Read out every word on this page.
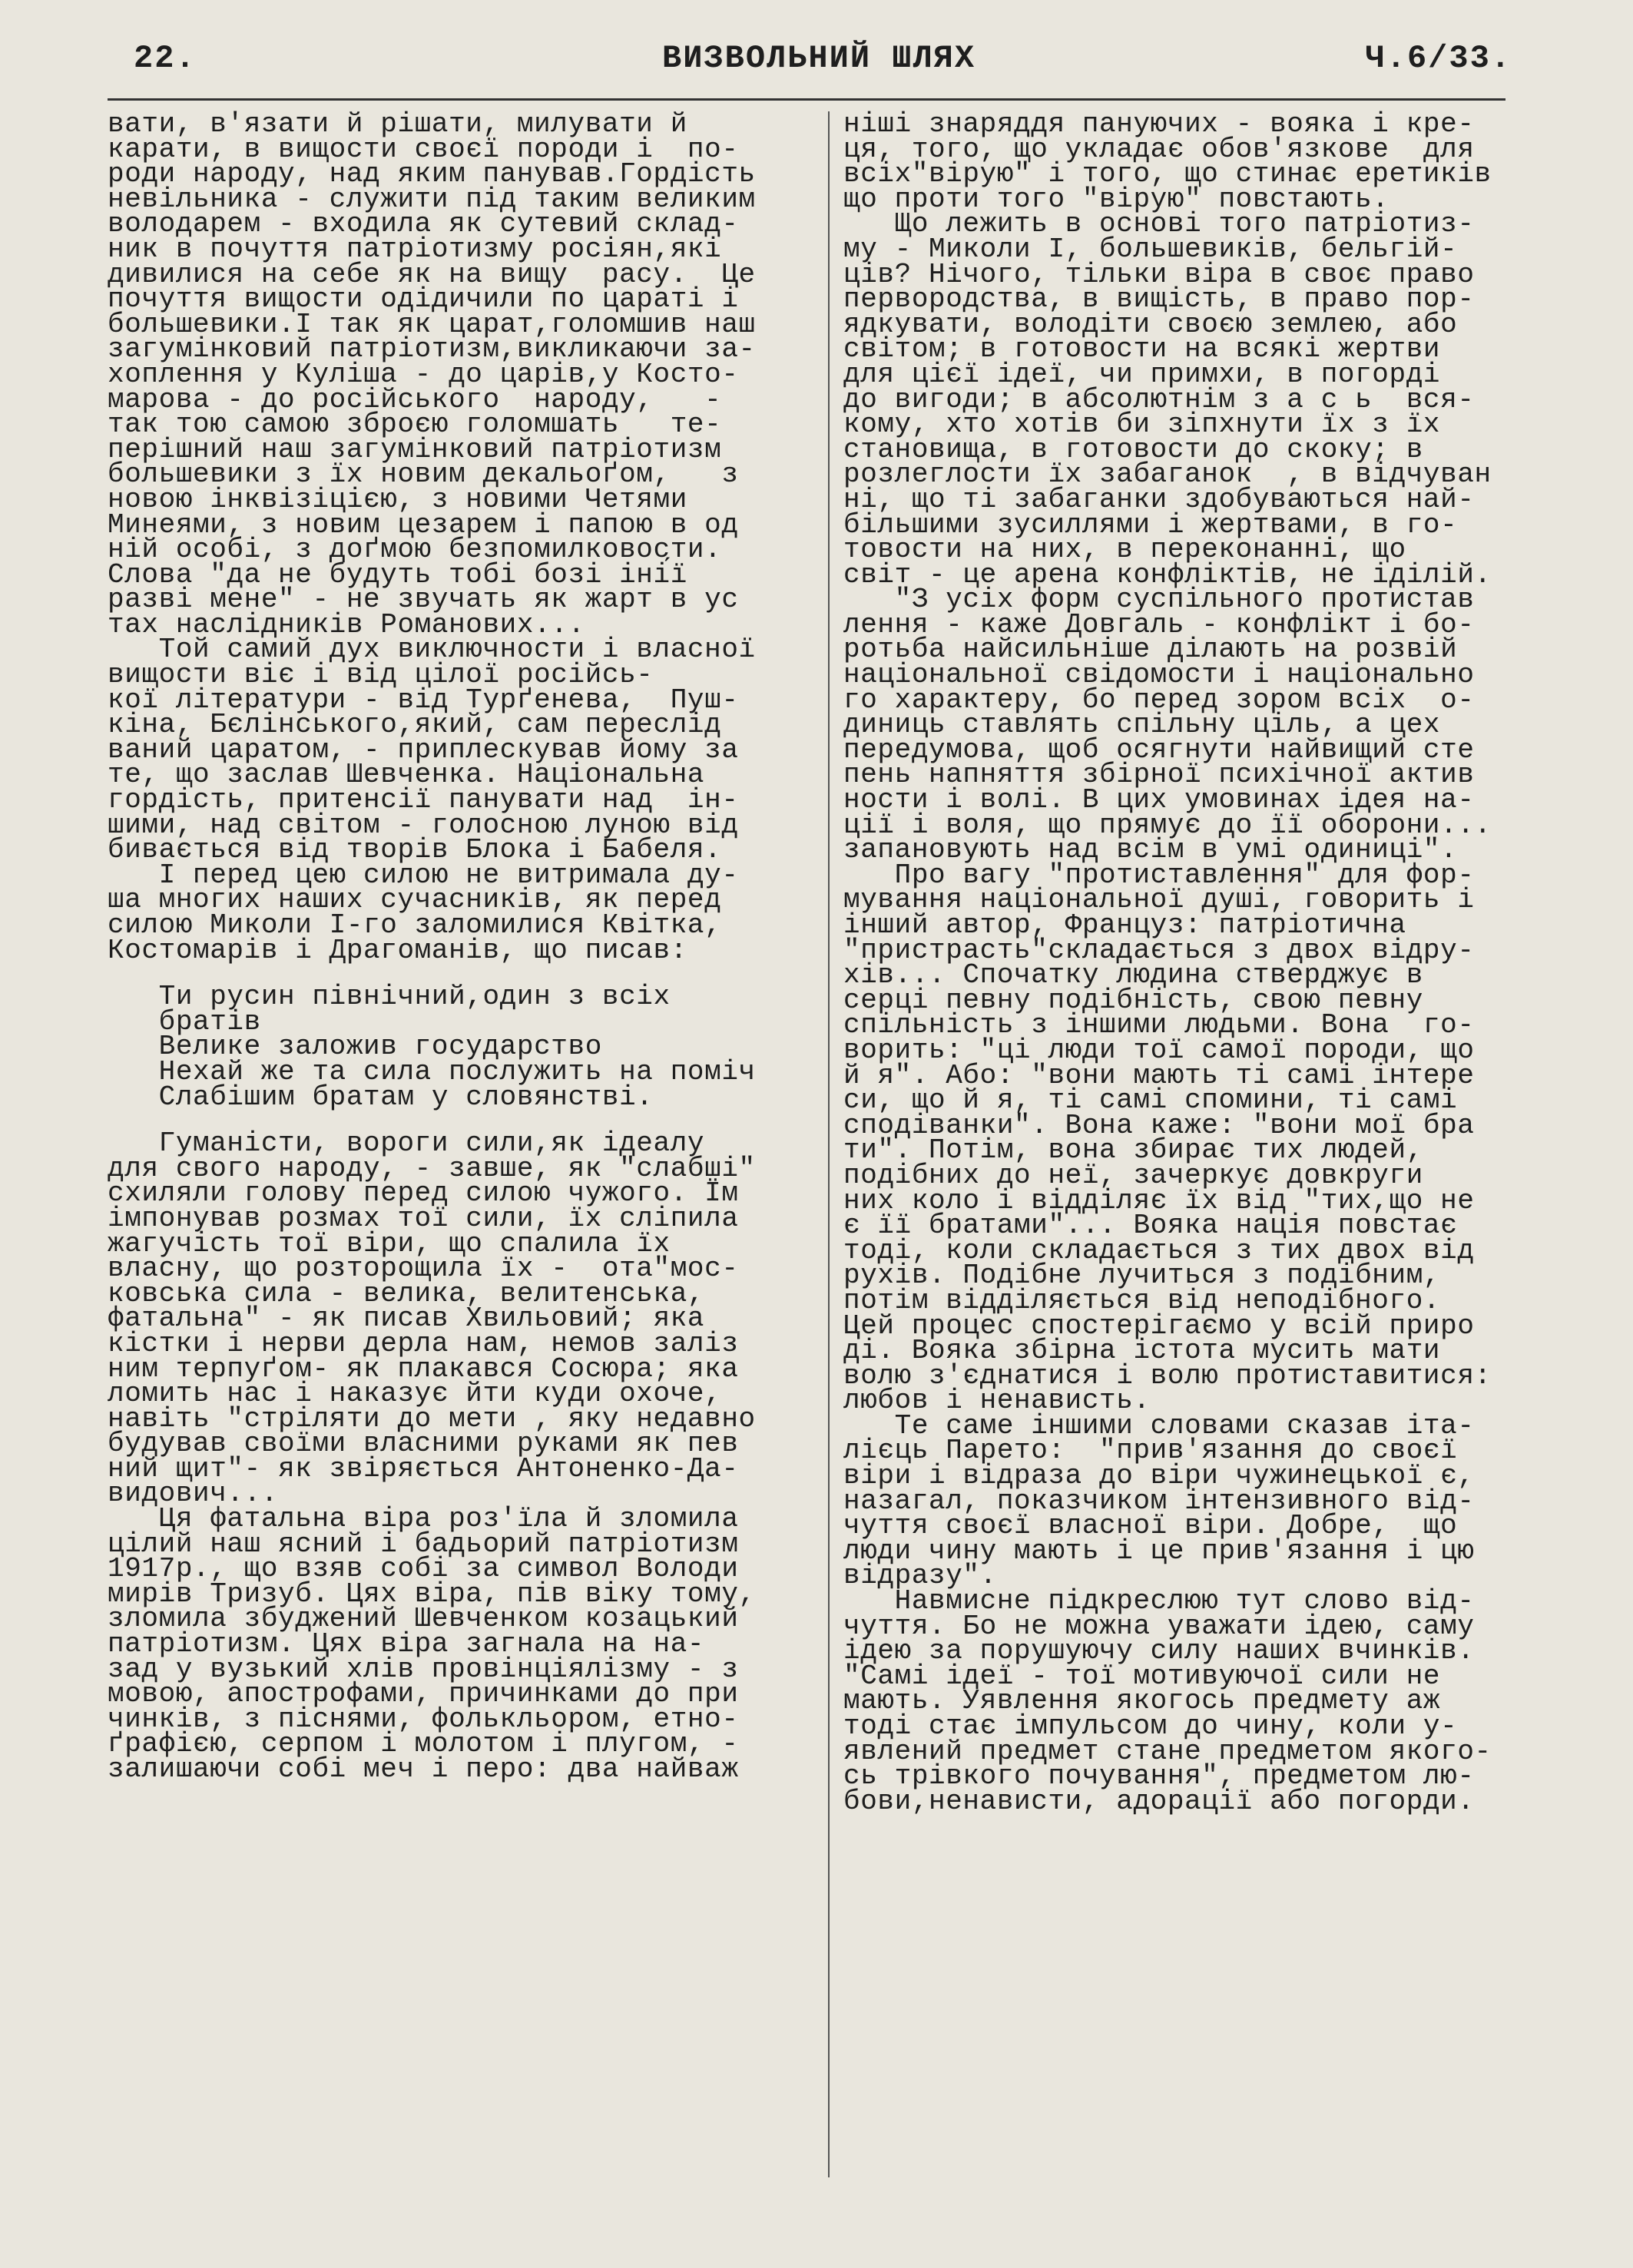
22.	ВИЗВОЛЬНИЙ ШЛЯХ	Ч.6/33.
вати, в'язати й рішати, милувати й
карати, в вищости своєї породи і  по-
роди народу, над яким панував.Гордість
невільника - служити під таким великим
володарем - входила як сутевий склад-
ник в почуття патріотизму росіян,які
дивилися на себе як на вищу  расу.  Це
почуття вищости одідичили по цараті і
большевики.І так як царат,голомшив наш
загумінковий патріотизм,викликаючи за-
хоплення у Куліша - до царів,у Косто-
марова - до російського  народу,   -
так тою самою зброєю голомшать   те-
перішний наш загумінковий патріотизм
большевики з їх новим декальоґом,   з
новою інквізіцією, з новими Четями
Минеями, з новим цезарем і папою в од
ній особі, з доґмою безпомилковости.
Слова "да не будуть тобі бозі іні́ї
разві мене" - не звучать як жарт в ус
тах наслідників Романових...
Той самий дух виключности і власної
вищости віє і від цілої російсь-
кої літератури - від Турґенева,  Пуш-
кіна, Бєлінського,який, сам переслід
ваний царатом, - приплескував йому за
те, що заслав Шевченка. Національна
гордість, притенсії панувати над  ін-
шими, над світом - голосною луною від
бивається від творів Блока і Бабеля.
І перед цею силою не витримала ду-
ша многих наших сучасників, як перед
силою Миколи І-го заломилися Квітка,
Костомарів і Драгоманів, що писав:
Ти русин північний,один з всіх
братів
Велике заложив государство
Нехай же та сила послужить на поміч
Слабішим братам у словянстві.
Гуманісти, вороги сили,як ідеалу
для свого народу, - завше, як "слабші"
схиляли голову перед силою чужого. Їм
імпонував розмах тої сили, їх сліпила
жагучість тої віри, що спалила їх
власну, що розторощила їх -  ота"мос-
ковська сила - велика, велитенська,
фатальна" - як писав Хвильовий; яка
кістки і нерви дерла нам, немов заліз
ним терпуґом- як плакався Сосюра; яка
ломить нас і наказує йти куди охоче,
навіть "стріляти до мети , яку недавно
будував своїми власними руками як пев
ний щит"- як звіряється Антоненко-Да-
видович...
Ця фатальна віра роз'їла й зломила
цілий наш ясний і бадьорий патріотизм
1917р., що взяв собі за символ Володи
мирів Тризуб. Цях віра, пів віку тому,
зломила збуджений Шевченком козацький
патріотизм. Цях віра загнала на на-
зад у вузький хлів провінціялізму - з
мовою, апострофами, причинками до при
чинків, з піснями, фолькльором, етно-
ґрафією, серпом і молотом і плугом, -
залишаючи собі меч і перо: два найваж
ніші знаряддя пануючих - вояка і кре-
ця, того, що укладає обов'язкове  для
всіх"вірую" і того, що стинає еретиків
що проти того "вірую" повстають.
Що лежить в основі того патріотиз-
му - Миколи І, большевиків, бельгій-
ців? Нічого, тільки віра в своє право
первородства, в вищість, в право пор-
ядкувати, володіти своєю землею, або
світом; в готовости на всякі жертви
для цієї ідеї, чи примхи, в погорді
до вигоди; в абсолютнім з а с ь  вся-
кому, хто хотів би зіпхнути їх з їх
становища, в готовости до скоку; в
розлеглости їх забаганок  , в відчуван
ні, що ті забаганки здобуваються най-
більшими зусиллями і жертвами, в го-
товости на них, в переконанні, що
світ - це арена конфліктів, не іділій.
"З усіх форм суспільного протистав
лення - каже Довгаль - конфлікт і бо-
ротьба найсильніше ділають на розвій
національної свідомости і національно
го характеру, бо перед зором всіх  о-
диниць ставлять спільну ціль, а цех
передумова, щоб осягнути найвищий сте
пень напняття збірної психічної актив
ности і волі. В цих умовинах ідея на-
ції і воля, що прямує до її оборони...
запановують над всім в умі одиниці".
Про вагу "протиставлення" для фор-
мування національної душі, говорить і
інший автор, Француз: патріотична
"пристрасть"складається з двох відру-
хів... Спочатку людина стверджує в
серці певну подібність, свою певну
спільність з іншими людьми. Вона  го-
ворить: "ці люди тої самої породи, що
й я". Або: "вони мають ті самі інтере
си, що й я, ті самі спомини, ті самі
сподіванки". Вона каже: "вони мої бра
ти". Потім, вона збирає тих людей,
подібних до неї, зачеркує довкруги
них коло і відділяє їх від "тих,що не
є її братами"... Вояка нація повстає
тоді, коли складається з тих двох від
рухів. Подібне лучиться з подібним,
потім відділяється від неподібного.
Цей процес спостерігаємо у всій приро
ді. Вояка збірна істота мусить мати
волю з'єднатися і волю протиставитися:
любов і ненависть.
Те саме іншими словами сказав іта-
лієць Парето:  "прив'язання до своєї
віри і відраза до віри чужинецької є,
назагал, показчиком інтензивного від-
чуття своєї власної віри. Добре,  що
люди чину мають і це прив'язання і цю
відразу".
Навмисне підкреслюю тут слово від-
чуття. Бо не можна уважати ідею, саму
ідею за порушуючу силу наших вчинків.
"Самі ідеї - тої мотивуючої сили не
мають. Уявлення якогось предмету аж
тоді стає імпульсом до чину, коли у-
явлений предмет стане предметом якого-
сь трівкого почування", предметом лю-
бови,ненависти, адорації або погорди.
